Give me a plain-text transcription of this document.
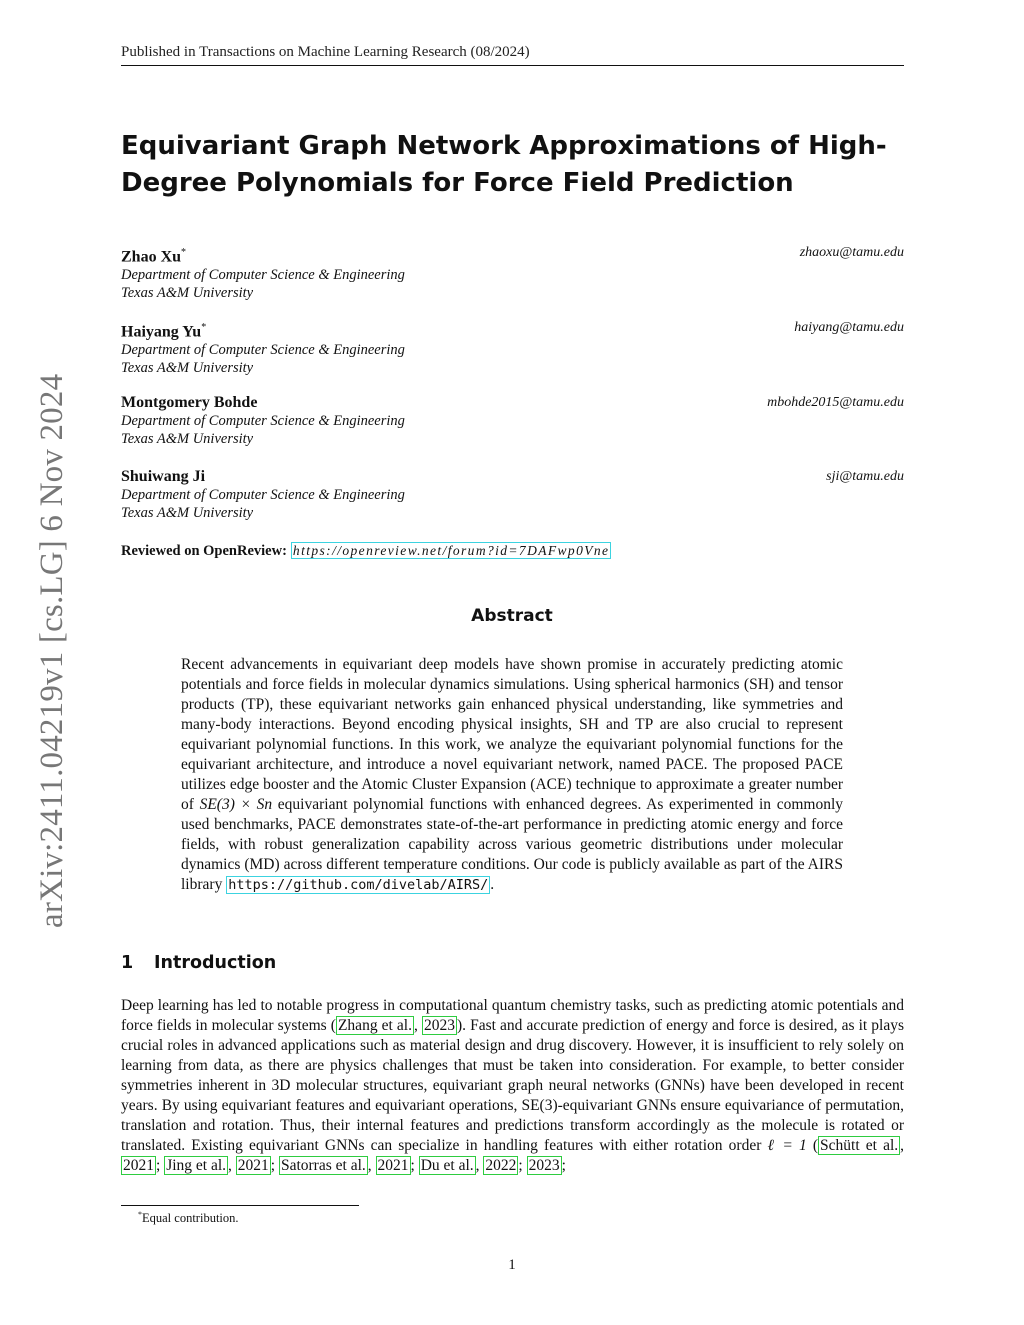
Published in Transactions on Machine Learning Research (08/2024)
arXiv:2411.04219v1 [cs.LG] 6 Nov 2024
Equivariant Graph Network Approximations of High-Degree Polynomials for Force Field Prediction
Zhao Xu*	zhaoxu@tamu.edu
Department of Computer Science & Engineering
Texas A&M University
Haiyang Yu*	haiyang@tamu.edu
Department of Computer Science & Engineering
Texas A&M University
Montgomery Bohde	mbohde2015@tamu.edu
Department of Computer Science & Engineering
Texas A&M University
Shuiwang Ji	sji@tamu.edu
Department of Computer Science & Engineering
Texas A&M University
Reviewed on OpenReview: https://openreview.net/forum?id=7DAFwp0Vne
Abstract
Recent advancements in equivariant deep models have shown promise in accurately predicting atomic potentials and force fields in molecular dynamics simulations. Using spherical harmonics (SH) and tensor products (TP), these equivariant networks gain enhanced physical understanding, like symmetries and many-body interactions. Beyond encoding physical insights, SH and TP are also crucial to represent equivariant polynomial functions. In this work, we analyze the equivariant polynomial functions for the equivariant architecture, and introduce a novel equivariant network, named PACE. The proposed PACE utilizes edge booster and the Atomic Cluster Expansion (ACE) technique to approximate a greater number of SE(3) × Sn equivariant polynomial functions with enhanced degrees. As experimented in commonly used benchmarks, PACE demonstrates state-of-the-art performance in predicting atomic energy and force fields, with robust generalization capability across various geometric distributions under molecular dynamics (MD) across different temperature conditions. Our code is publicly available as part of the AIRS library https://github.com/divelab/AIRS/ .
1 Introduction
Deep learning has led to notable progress in computational quantum chemistry tasks, such as predicting atomic potentials and force fields in molecular systems ( Zhang et al. , 2023 ). Fast and accurate prediction of energy and force is desired, as it plays crucial roles in advanced applications such as material design and drug discovery. However, it is insufficient to rely solely on learning from data, as there are physics challenges that must be taken into consideration. For example, to better consider symmetries inherent in 3D molecular structures, equivariant graph neural networks (GNNs) have been developed in recent years. By using equivariant features and equivariant operations, SE(3)-equivariant GNNs ensure equivariance of permutation, translation and rotation. Thus, their internal features and predictions transform accordingly as the molecule is rotated or translated. Existing equivariant GNNs can specialize in handling features with either rotation order ℓ = 1 ( Schütt et al. , 2021 ; Jing et al. , 2021 ; Satorras et al. , 2021 ; Du et al. , 2022 ; 2023 ;
*Equal contribution.
1
